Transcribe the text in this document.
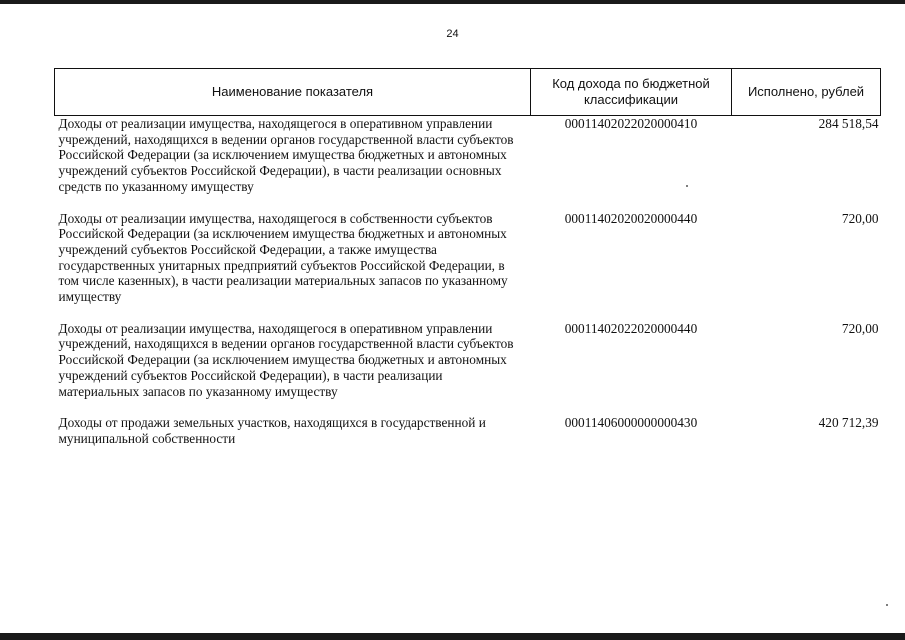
24
Наименование показателя	Код дохода по бюджетной классификации	Исполнено, рублей
Доходы от реализации имущества, находящегося в оперативном управлении учреждений, находящихся в ведении органов государственной власти субъектов Российской Федерации (за исключением имущества бюджетных и автономных учреждений субъектов Российской Федерации), в части реализации основных средств по указанному имуществу	00011402022020000410	284 518,54
Доходы от реализации имущества, находящегося в собственности субъектов Российской Федерации (за исключением имущества бюджетных и автономных учреждений субъектов Российской Федерации, а также имущества государственных унитарных предприятий субъектов Российской Федерации, в том числе казенных), в части реализации материальных запасов по указанному имуществу	00011402020020000440	720,00
Доходы от реализации имущества, находящегося в оперативном управлении учреждений, находящихся в ведении органов государственной власти субъектов Российской Федерации (за исключением имущества бюджетных и автономных учреждений субъектов Российской Федерации), в части реализации материальных запасов по указанному имуществу	00011402022020000440	720,00
Доходы от продажи земельных участков, находящихся в государственной и муниципальной собственности	00011406000000000430	420 712,39
